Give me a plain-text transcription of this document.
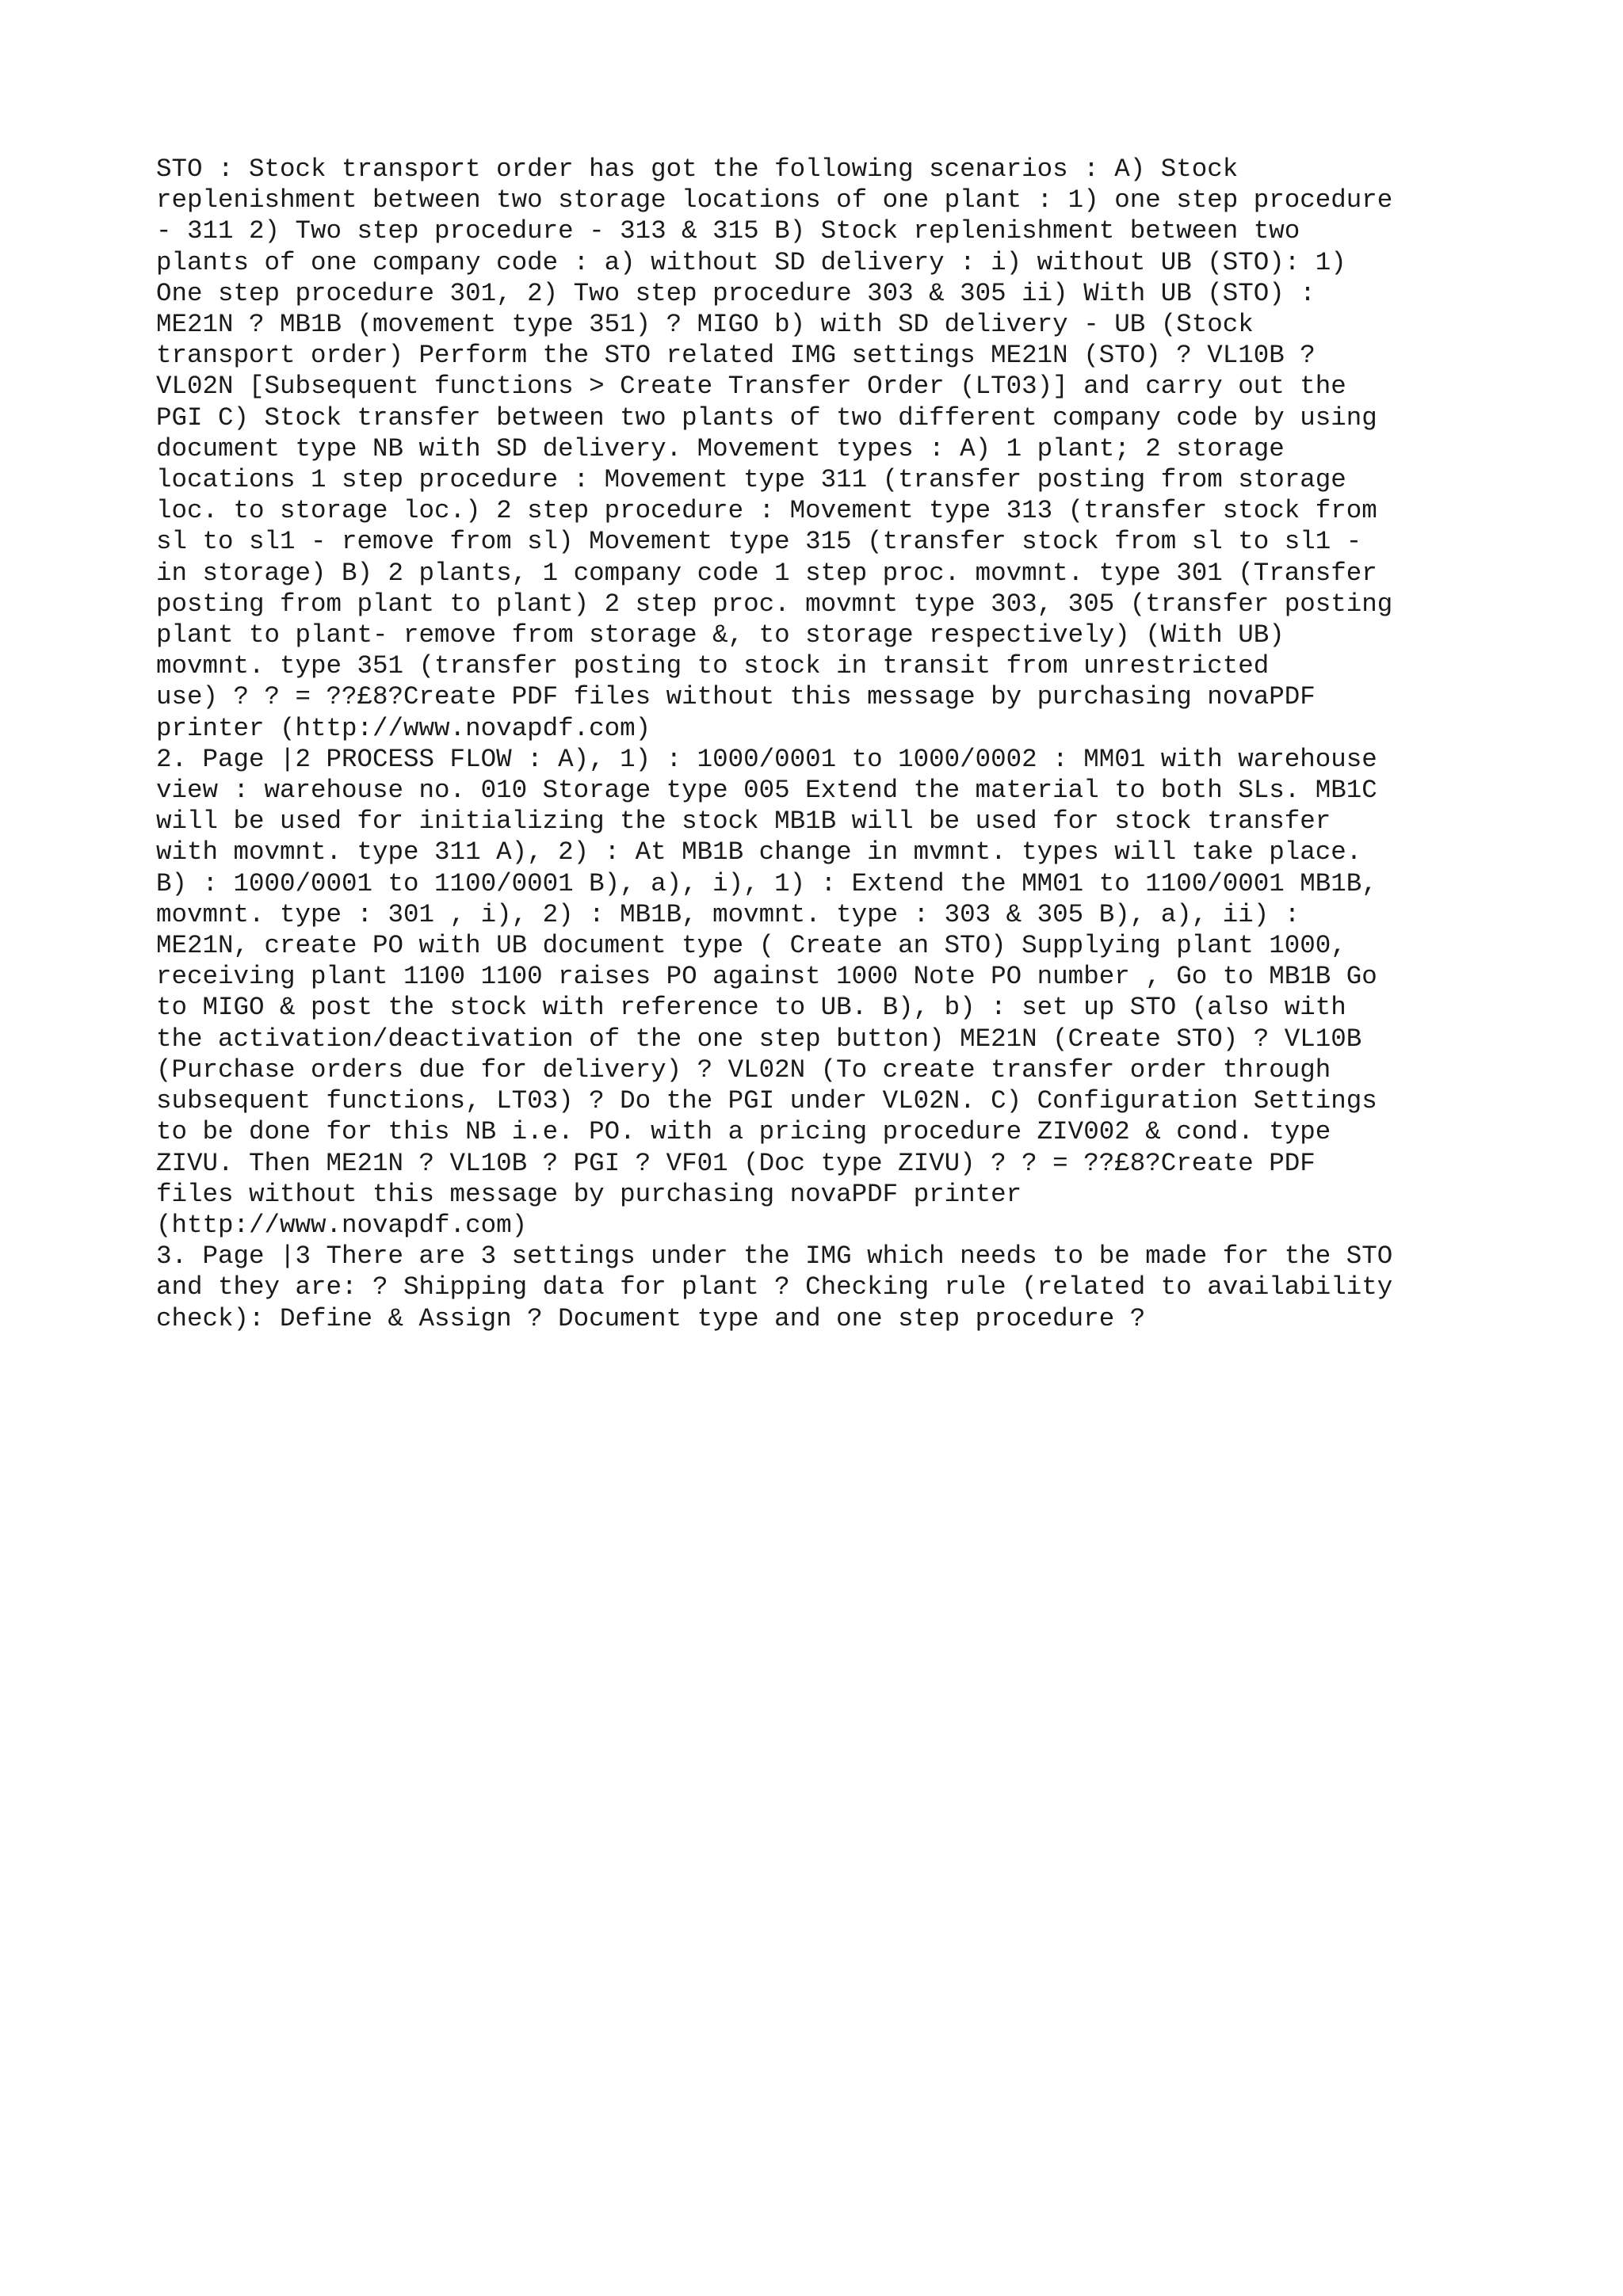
STO : Stock transport order has got the following scenarios : A) Stock
replenishment between two storage locations of one plant : 1) one step procedure
- 311 2) Two step procedure - 313 & 315 B) Stock replenishment between two
plants of one company code : a) without SD delivery : i) without UB (STO): 1)
One step procedure 301, 2) Two step procedure 303 & 305 ii) With UB (STO) :
ME21N ? MB1B (movement type 351) ? MIGO b) with SD delivery - UB (Stock
transport order) Perform the STO related IMG settings ME21N (STO) ? VL10B ?
VL02N [Subsequent functions > Create Transfer Order (LT03)] and carry out the
PGI C) Stock transfer between two plants of two different company code by using
document type NB with SD delivery. Movement types : A) 1 plant; 2 storage
locations 1 step procedure : Movement type 311 (transfer posting from storage
loc. to storage loc.) 2 step procedure : Movement type 313 (transfer stock from
sl to sl1 - remove from sl) Movement type 315 (transfer stock from sl to sl1 -
in storage) B) 2 plants, 1 company code 1 step proc. movmnt. type 301 (Transfer
posting from plant to plant) 2 step proc. movmnt type 303, 305 (transfer posting
plant to plant- remove from storage &, to storage respectively) (With UB)
movmnt. type 351 (transfer posting to stock in transit from unrestricted
use) ? ? = ??£8?Create PDF files without this message by purchasing novaPDF
printer (http://www.novapdf.com)
2. Page |2 PROCESS FLOW : A), 1) : 1000/0001 to 1000/0002 : MM01 with warehouse
view : warehouse no. 010 Storage type 005 Extend the material to both SLs. MB1C
will be used for initializing the stock MB1B will be used for stock transfer
with movmnt. type 311 A), 2) : At MB1B change in mvmnt. types will take place.
B) : 1000/0001 to 1100/0001 B), a), i), 1) : Extend the MM01 to 1100/0001 MB1B,
movmnt. type : 301 , i), 2) : MB1B, movmnt. type : 303 & 305 B), a), ii) :
ME21N, create PO with UB document type ( Create an STO) Supplying plant 1000,
receiving plant 1100 1100 raises PO against 1000 Note PO number , Go to MB1B Go
to MIGO & post the stock with reference to UB. B), b) : set up STO (also with
the activation/deactivation of the one step button) ME21N (Create STO) ? VL10B
(Purchase orders due for delivery) ? VL02N (To create transfer order through
subsequent functions, LT03) ? Do the PGI under VL02N. C) Configuration Settings
to be done for this NB i.e. PO. with a pricing procedure ZIV002 & cond. type
ZIVU. Then ME21N ? VL10B ? PGI ? VF01 (Doc type ZIVU) ? ? = ??£8?Create PDF
files without this message by purchasing novaPDF printer
(http://www.novapdf.com)
3. Page |3 There are 3 settings under the IMG which needs to be made for the STO
and they are: ? Shipping data for plant ? Checking rule (related to availability
check): Define & Assign ? Document type and one step procedure ?
